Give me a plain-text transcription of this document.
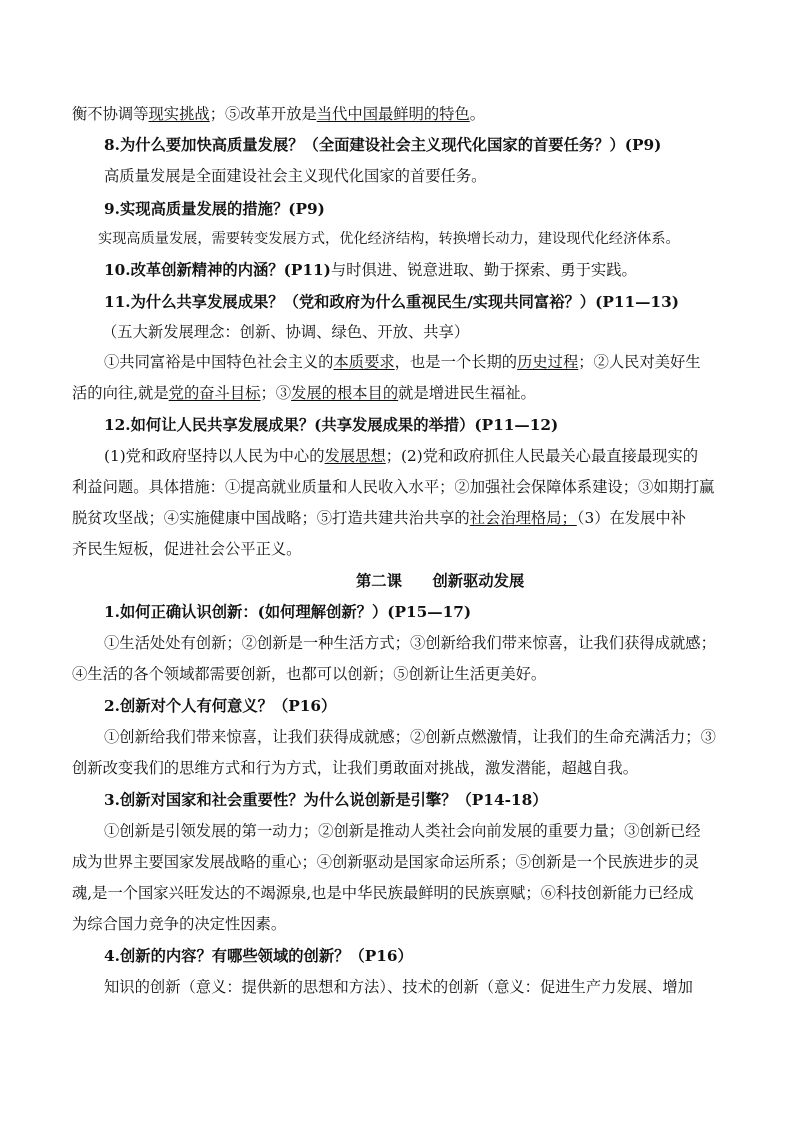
衡不协调等现实挑战；⑤改革开放是当代中国最鲜明的特色。
8.为什么要加快高质量发展？（全面建设社会主义现代化国家的首要任务？）(P9)
高质量发展是全面建设社会主义现代化国家的首要任务。
9.实现高质量发展的措施？(P9)
实现高质量发展，需要转变发展方式，优化经济结构，转换增长动力，建设现代化经济体系。
10.改革创新精神的内涵？(P11)与时俱进、锐意进取、勤于探索、勇于实践。
11.为什么共享发展成果？（党和政府为什么重视民生/实现共同富裕？）(P11—13)
（五大新发展理念：创新、协调、绿色、开放、共享）
①共同富裕是中国特色社会主义的本质要求，也是一个长期的历史过程；②人民对美好生
活的向往,就是党的奋斗目标；③发展的根本目的就是增进民生福祉。
12.如何让人民共享发展成果？(共享发展成果的举措）(P11—12)
(1)党和政府坚持以人民为中心的发展思想；(2)党和政府抓住人民最关心最直接最现实的
利益问题。具体措施：①提高就业质量和人民收入水平；②加强社会保障体系建设；③如期打赢
脱贫攻坚战；④实施健康中国战略；⑤打造共建共治共享的社会治理格局；（3）在发展中补
齐民生短板，促进社会公平正义。
第二课　　创新驱动发展
1.如何正确认识创新：(如何理解创新？）(P15—17)
①生活处处有创新；②创新是一种生活方式；③创新给我们带来惊喜，让我们获得成就感；
④生活的各个领域都需要创新，也都可以创新；⑤创新让生活更美好。
2.创新对个人有何意义？（P16）
①创新给我们带来惊喜，让我们获得成就感；②创新点燃激情，让我们的生命充满活力；③
创新改变我们的思维方式和行为方式，让我们勇敢面对挑战，激发潜能，超越自我。
3.创新对国家和社会重要性？为什么说创新是引擎？（P14-18）
①创新是引领发展的第一动力；②创新是推动人类社会向前发展的重要力量；③创新已经
成为世界主要国家发展战略的重心；④创新驱动是国家命运所系；⑤创新是一个民族进步的灵
魂,是一个国家兴旺发达的不竭源泉,也是中华民族最鲜明的民族禀赋；⑥科技创新能力已经成
为综合国力竞争的决定性因素。
4.创新的内容？有哪些领域的创新？（P16）
知识的创新（意义：提供新的思想和方法）、技术的创新（意义：促进生产力发展、增加
